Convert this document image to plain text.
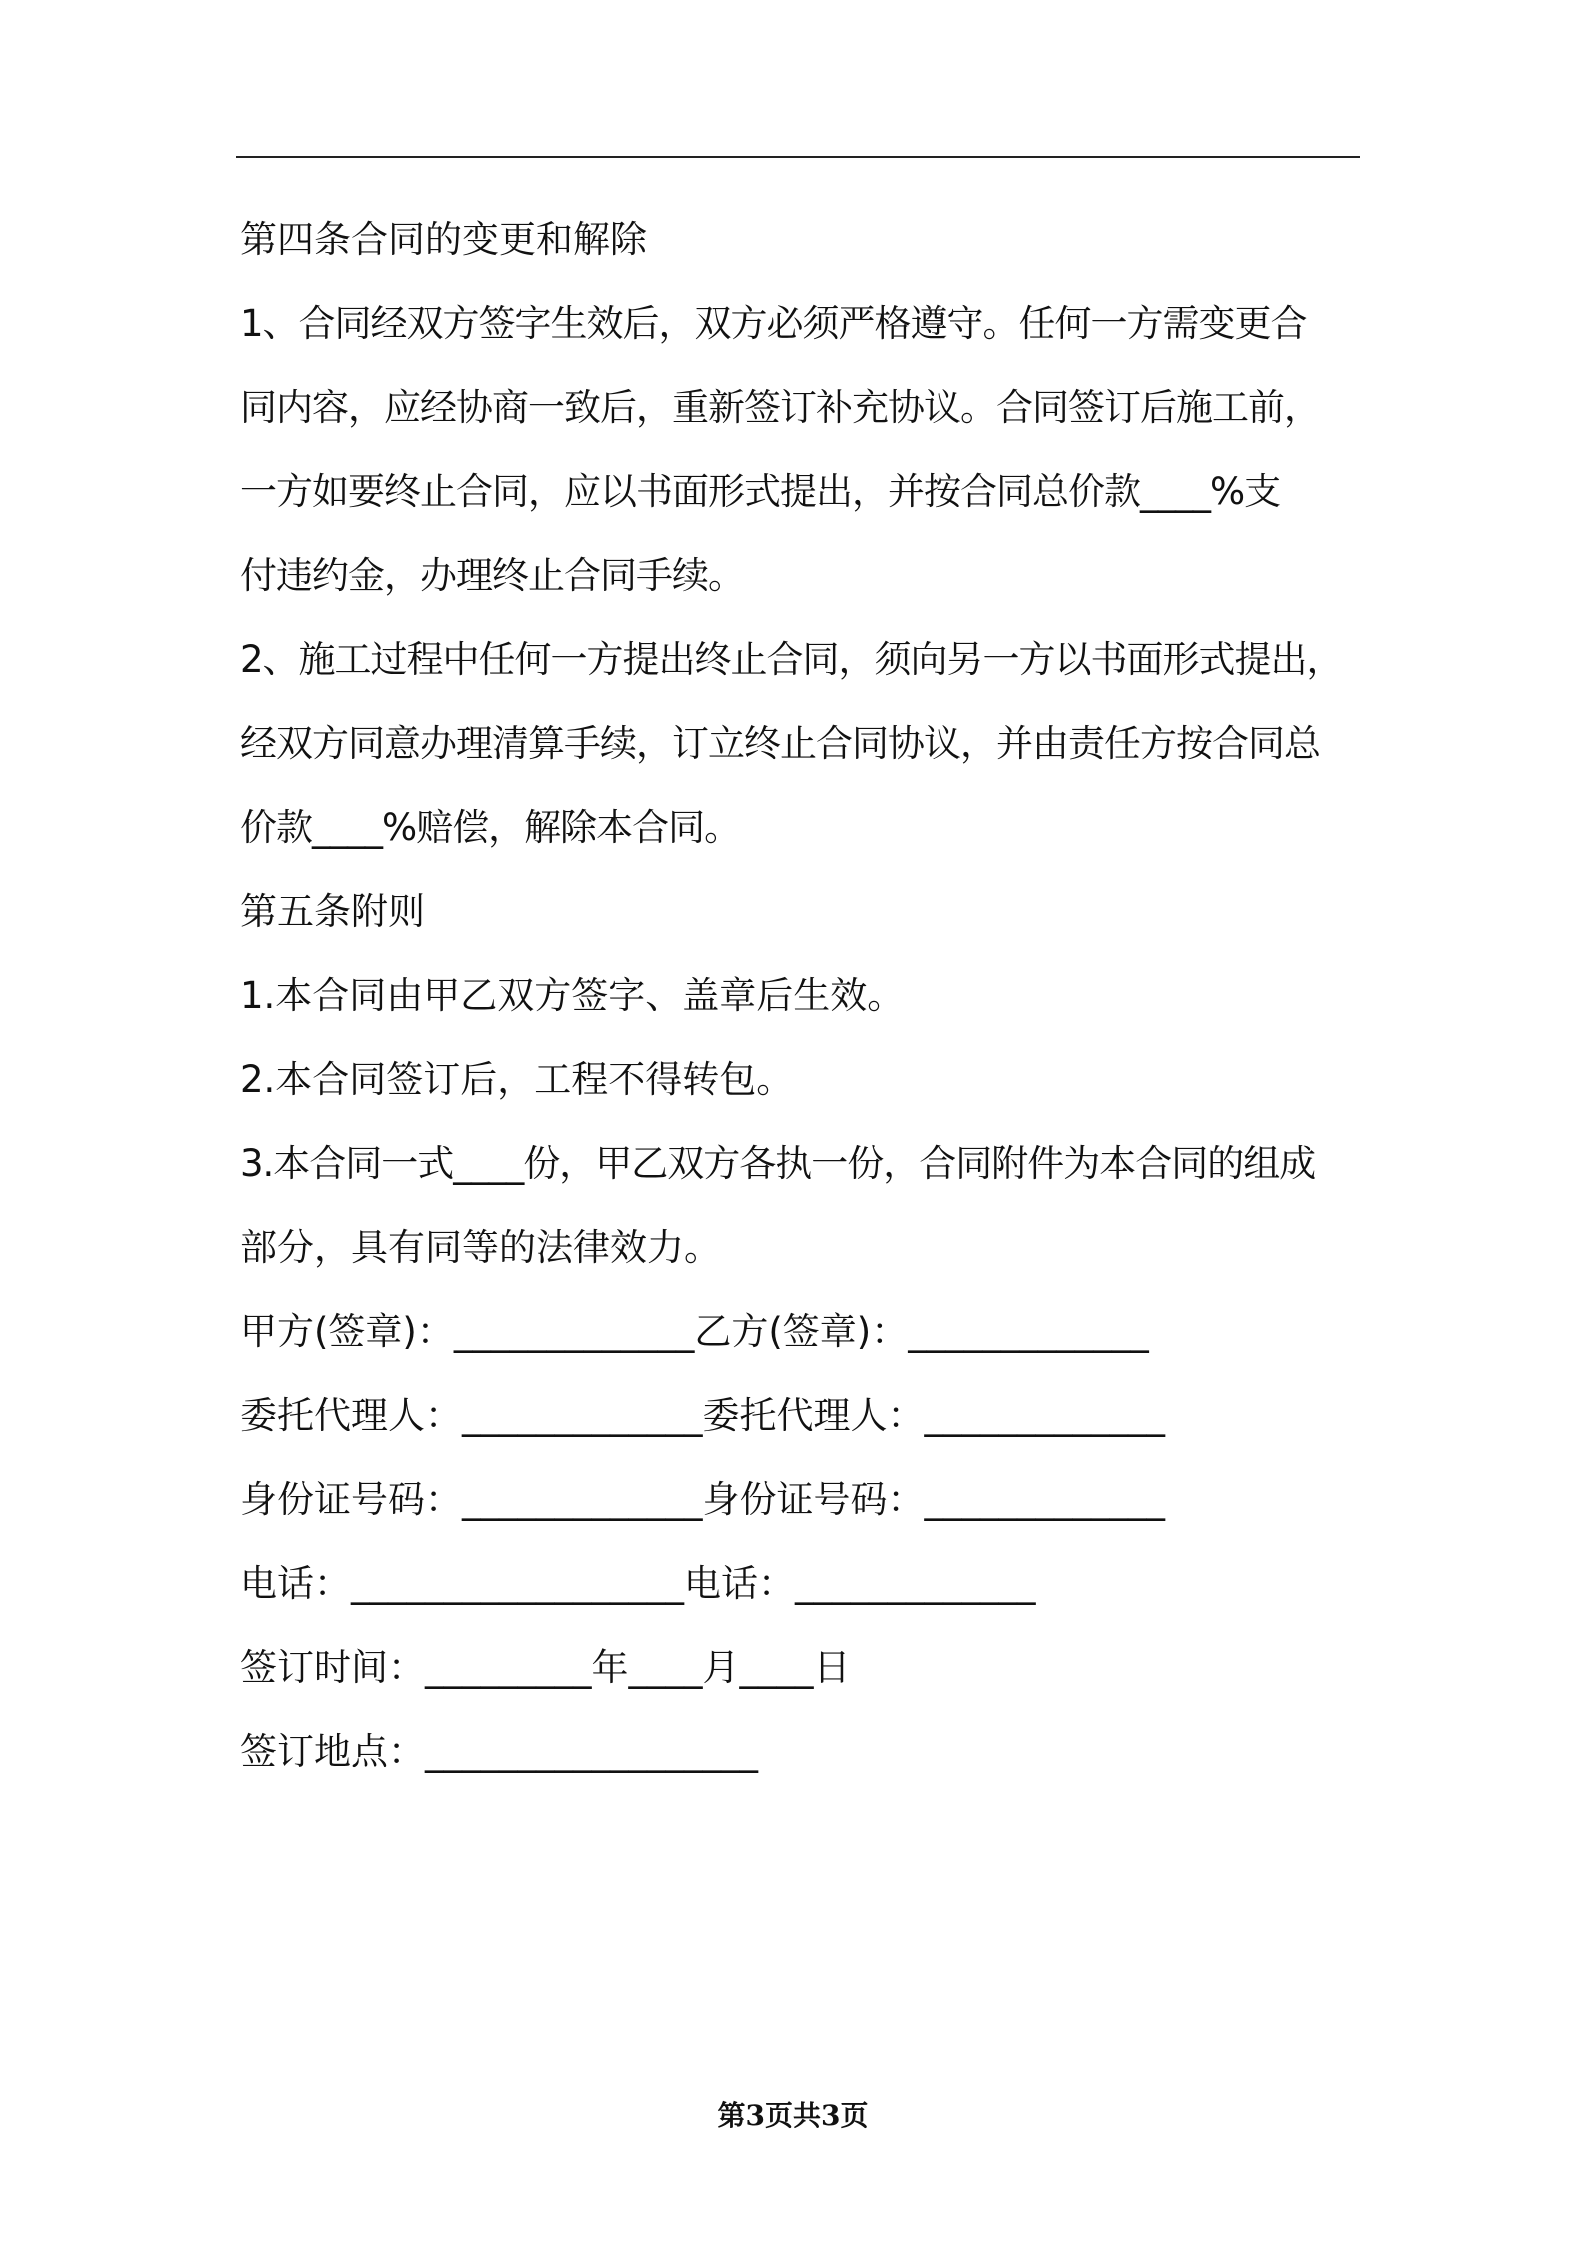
第四条合同的变更和解除
1、合同经双方签字生效后，双方必须严格遵守。任何一方需变更合
同内容，应经协商一致后，重新签订补充协议。合同签订后施工前，
一方如要终止合同，应以书面形式提出，并按合同总价款____%支
付违约金，办理终止合同手续。
2、施工过程中任何一方提出终止合同，须向另一方以书面形式提出，
经双方同意办理清算手续，订立终止合同协议，并由责任方按合同总
价款____%赔偿，解除本合同。
第五条附则
1.本合同由甲乙双方签字、盖章后生效。
2.本合同签订后，工程不得转包。
3.本合同一式____份，甲乙双方各执一份，合同附件为本合同的组成
部分，具有同等的法律效力。
甲方(签章)：_____________乙方(签章)：_____________
委托代理人：_____________委托代理人：_____________
身份证号码：_____________身份证号码：_____________
电话：__________________电话：_____________
签订时间：_________年____月____日
签订地点：__________________
第3页共3页
